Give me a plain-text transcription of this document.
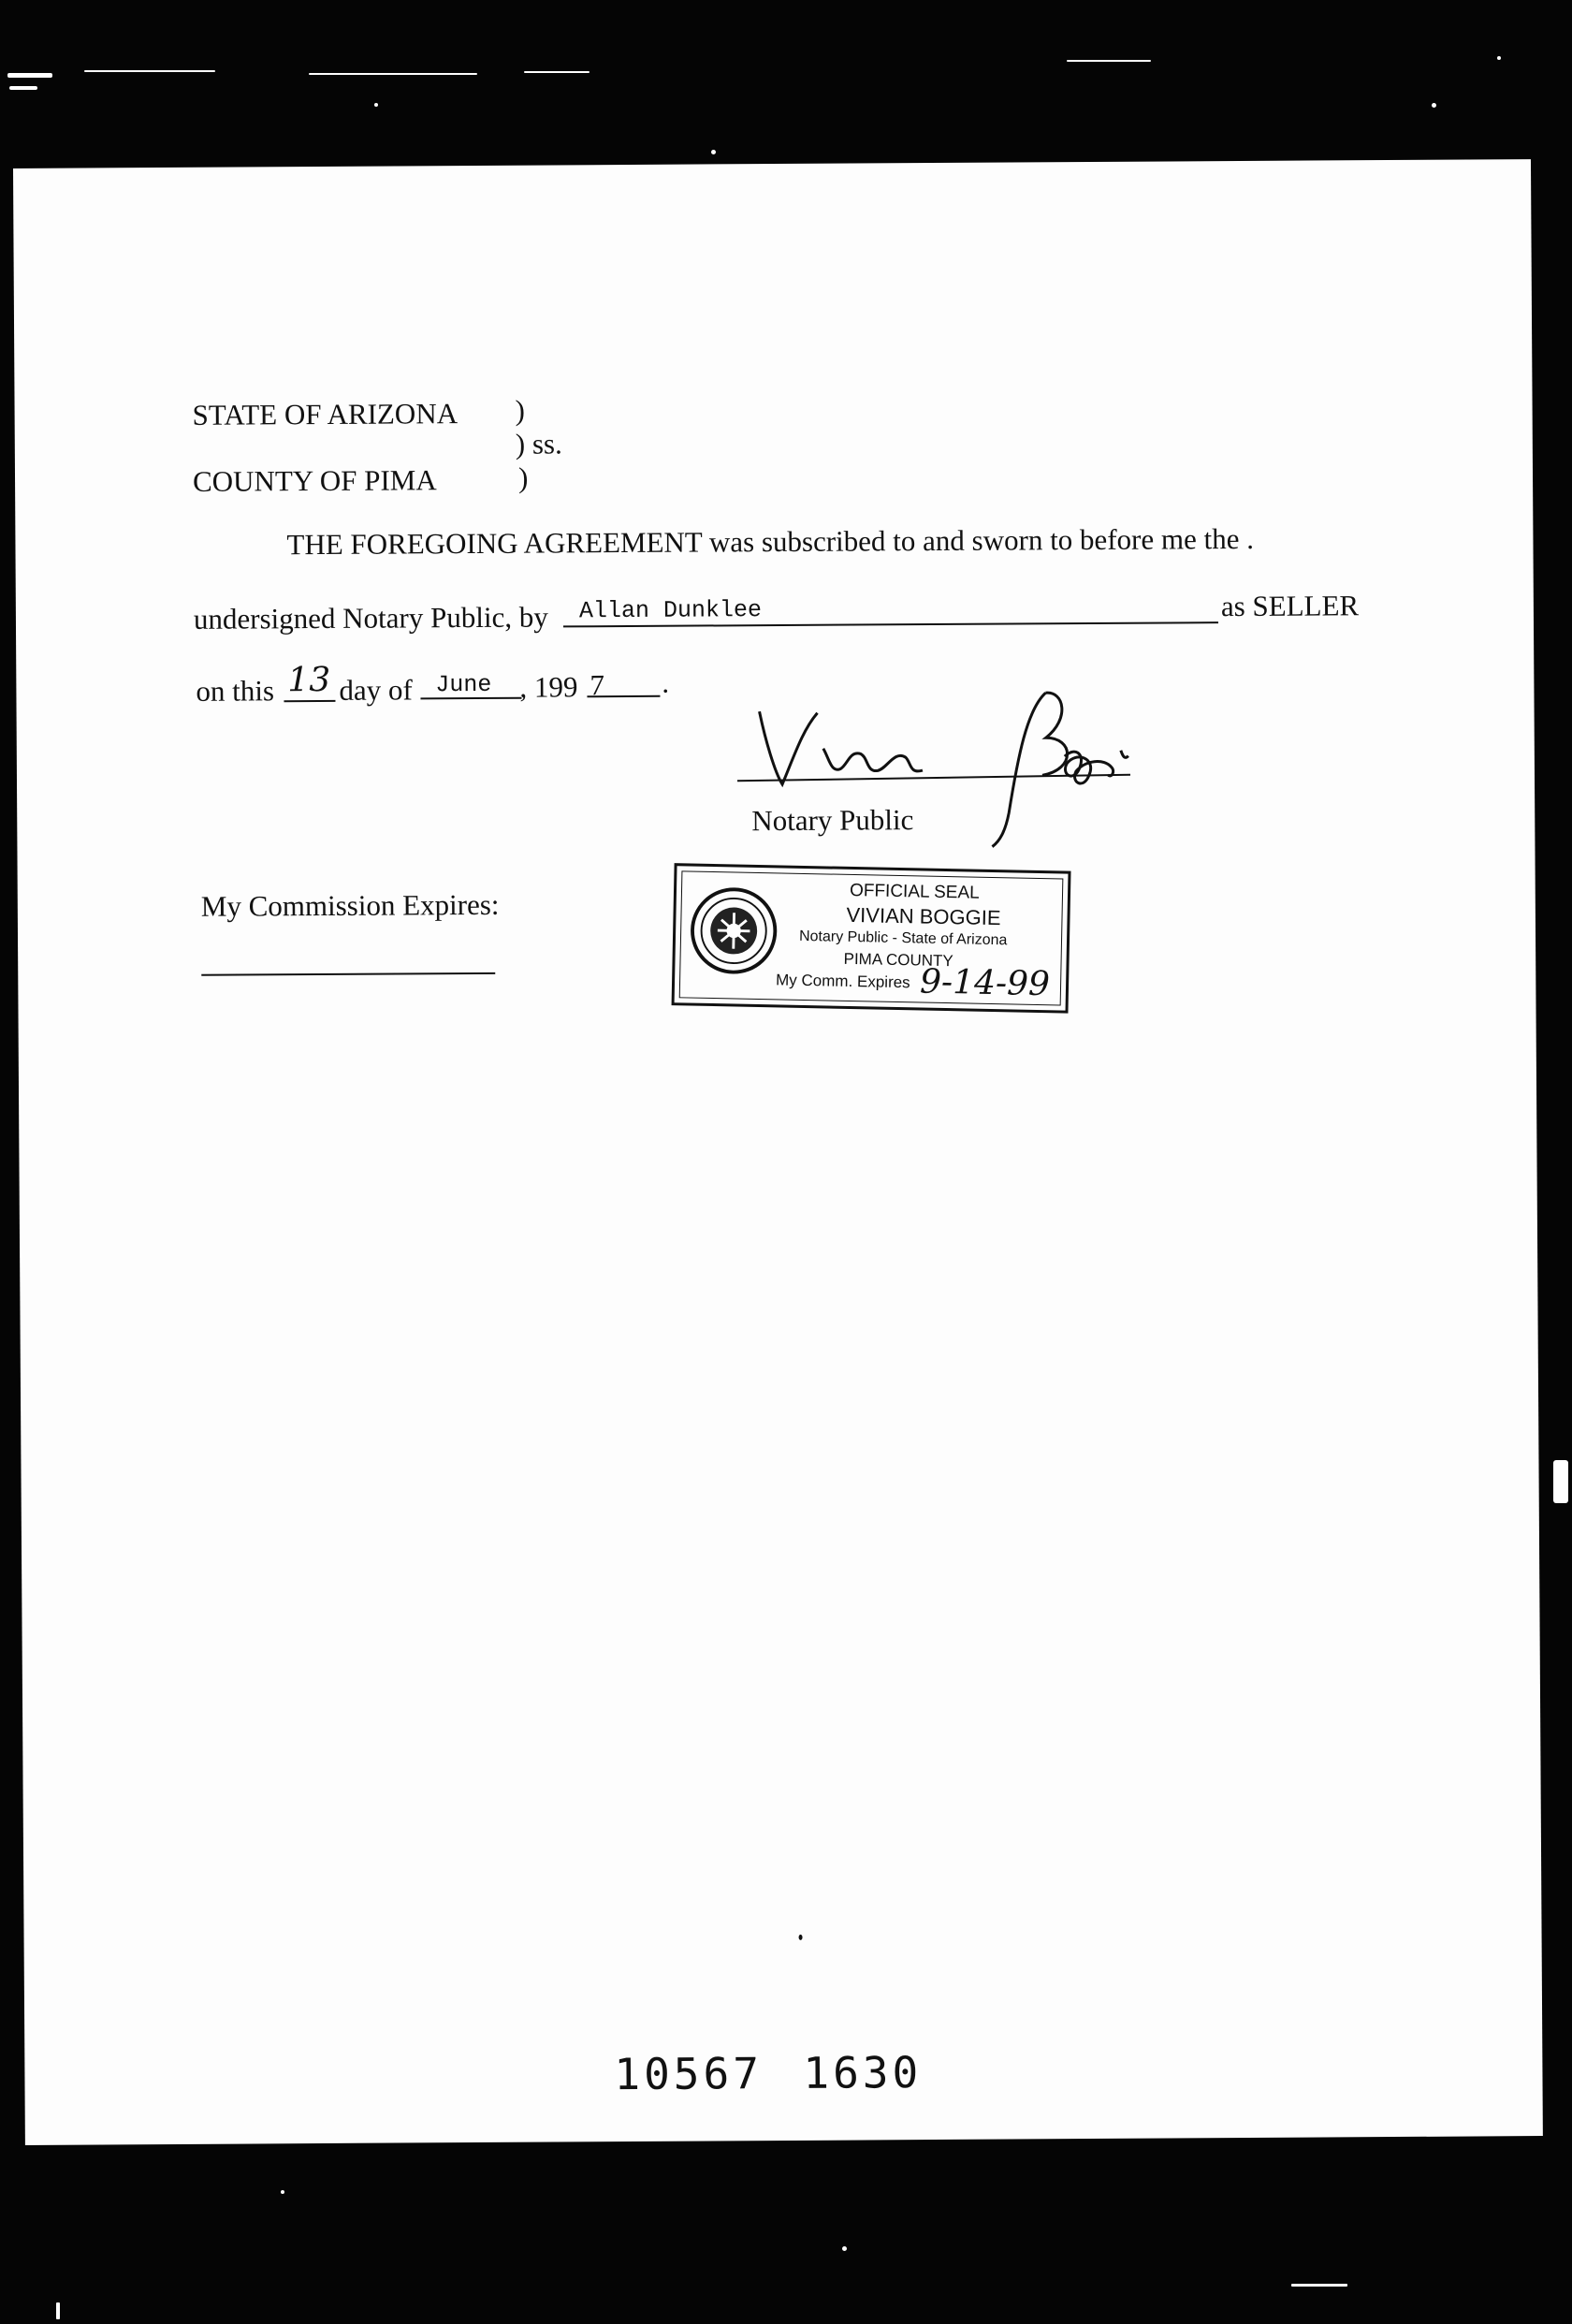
STATE OF ARIZONA )
) ss.
COUNTY OF PIMA	)
THE FOREGOING AGREEMENT was subscribed to and sworn to before me the .
undersigned Notary Public, by Allan Dunklee	as SELLER
on this 13 day of June , 199 7 .
Notary Public
My Commission Expires:	OFFICIAL SEAL
VIVIAN BOGGIE
Notary Public - State of Arizona
PIMA COUNTY
My Comm. Expires 9-14-99
10567 1630
